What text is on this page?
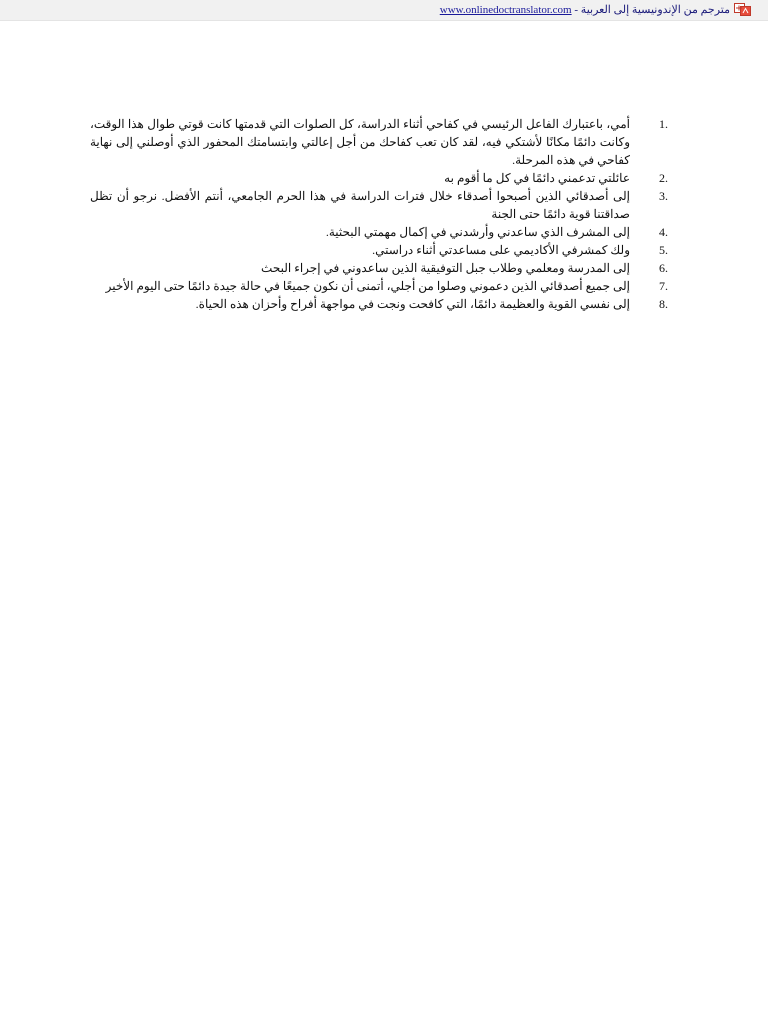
www.onlinedoctranslator.com - مترجم من الإندونيسية إلى العربية
1.
أمي، باعتبارك الفاعل الرئيسي في كفاحي أثناء الدراسة، كل الصلوات التي قدمتها كانت قوتي طوال هذا الوقت، وكانت دائمًا مكانًا لأشتكي فيه، لقد كان تعب كفاحك من أجل إعالتي وابتسامتك المحفور الذي أوصلني إلى نهاية كفاحي في هذه المرحلة.
2.
عائلتي تدعمني دائمًا في كل ما أقوم به
3.
إلى أصدقائي الذين أصبحوا أصدقاء خلال فترات الدراسة في هذا الحرم الجامعي، أنتم الأفضل. نرجو أن تظل صداقتنا قوية دائمًا حتى الجنة
4.
إلى المشرف الذي ساعدني وأرشدني في إكمال مهمتي البحثية.
5.
ولك كمشرفي الأكاديمي على مساعدتي أثناء دراستي.
6.
إلى المدرسة ومعلمي وطلاب جبل التوفيقية الذين ساعدوني في إجراء البحث
7.
إلى جميع أصدقائي الذين دعموني وصلوا من أجلي، أتمنى أن نكون جميعًا في حالة جيدة دائمًا حتى اليوم الأخير
8.
إلى نفسي القوية والعظيمة دائمًا، التي كافحت ونجت في مواجهة أفراح وأحزان هذه الحياة.
